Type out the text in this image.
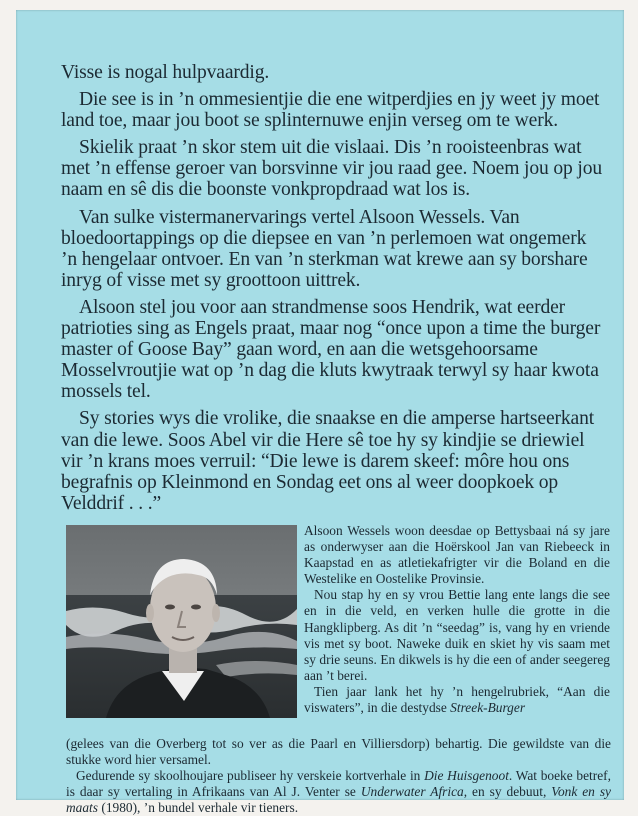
Visse is nogal hulpvaardig.

Die see is in ’n ommesientjie die ene witperdjies en jy weet jy moet land toe, maar jou boot se splinternuwe enjin verseg om te werk.

Skielik praat ’n skor stem uit die vislaai. Dis ’n rooisteenbras wat met ’n effense geroer van borsvinne vir jou raad gee. Noem jou op jou naam en sê dis die boonste vonkpropdraad wat los is.

Van sulke vistermanervarings vertel Alsoon Wessels. Van bloedoortappings op die diepsee en van ’n perlemoen wat ongemerk ’n hengelaar ontvoer. En van ’n sterkman wat krewe aan sy borshare inryg of visse met sy groottoon uittrek.

Alsoon stel jou voor aan strandmense soos Hendrik, wat eerder patrioties sing as Engels praat, maar nog “once upon a time the burger master of Goose Bay” gaan word, en aan die wetsgehoorsame Mosselvroutjie wat op ’n dag die kluts kwytraak terwyl sy haar kwota mossels tel.

Sy stories wys die vrolike, die snaakse en die amperse hartseerkant van die lewe. Soos Abel vir die Here sê toe hy sy kindjie se driewiel vir ’n krans moes verruil: “Die lewe is darem skeef: môre hou ons begrafnis op Kleinmond en Sondag eet ons al weer doopkoek op Velddrif . . .”

Alsoon Wessels woon deesdae op Bettysbaai ná sy jare as onderwyser aan die Hoërskool Jan van Riebeeck in Kaapstad en as atletiekafrigter vir die Boland en die Westelike en Oostelike Provinsie.

Nou stap hy en sy vrou Bettie lang ente langs die see en in die veld, en verken hulle die grotte in die Hangklipberg. As dit ’n “seedag” is, vang hy en vriende vis met sy boot. Naweke duik en skiet hy vis saam met sy drie seuns. En dikwels is hy die een of ander seegereg aan ’t berei.

Tien jaar lank het hy ’n hengelrubriek, “Aan die viswaters”, in die destydse Streek-Burger

(gelees van die Overberg tot so ver as die Paarl en Villiersdorp) behartig. Die gewildste van die stukke word hier versamel.

Gedurende sy skoolhoujare publiseer hy verskeie kortverhale in Die Huisgenoot. Wat boeke betref, is daar sy vertaling in Afrikaans van Al J. Venter se Underwater Africa, en sy debuut, Vonk en sy maats (1980), ’n bundel verhale vir tieners.
